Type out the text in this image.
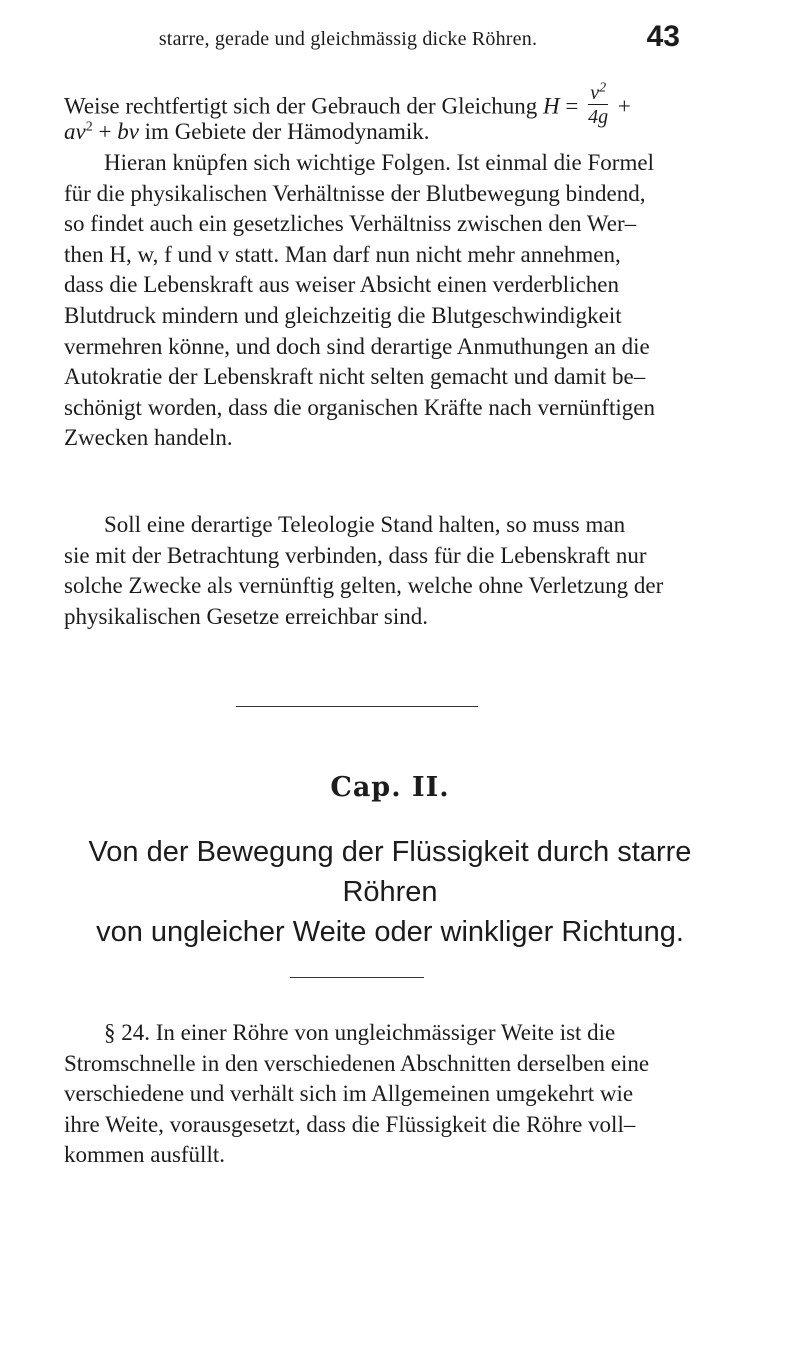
starre, gerade und gleichmässig dicke Röhren.	43
Weise rechtfertigt sich der Gebrauch der Gleichung $H = \frac{v^2}{4g}$ +
$av^2$ + bv im Gebiete der Hämodynamik.
Hieran knüpfen sich wichtige Folgen. Ist einmal die Formel
für die physikalischen Verhältnisse der Blutbewegung bindend,
so findet auch ein gesetzliches Verhältniss zwischen den Wer–
then H, w, f und v statt. Man darf nun nicht mehr annehmen,
dass die Lebenskraft aus weiser Absicht einen verderblichen
Blutdruck mindern und gleichzeitig die Blutgeschwindigkeit
vermehren könne, und doch sind derartige Anmuthungen an die
Autokratie der Lebenskraft nicht selten gemacht und damit be–
schönigt worden, dass die organischen Kräfte nach vernünftigen
Zwecken handeln.
Soll eine derartige Teleologie Stand halten, so muss man
sie mit der Betrachtung verbinden, dass für die Lebenskraft nur
solche Zwecke als vernünftig gelten, welche ohne Verletzung der
physikalischen Gesetze erreichbar sind.
Cap. II.
Von der Bewegung der Flüssigkeit durch starre Röhren
von ungleicher Weite oder winkliger Richtung.
§ 24. In einer Röhre von ungleichmässiger Weite ist die
Stromschnelle in den verschiedenen Abschnitten derselben eine
verschiedene und verhält sich im Allgemeinen umgekehrt wie
ihre Weite, vorausgesetzt, dass die Flüssigkeit die Röhre voll–
kommen ausfüllt.
